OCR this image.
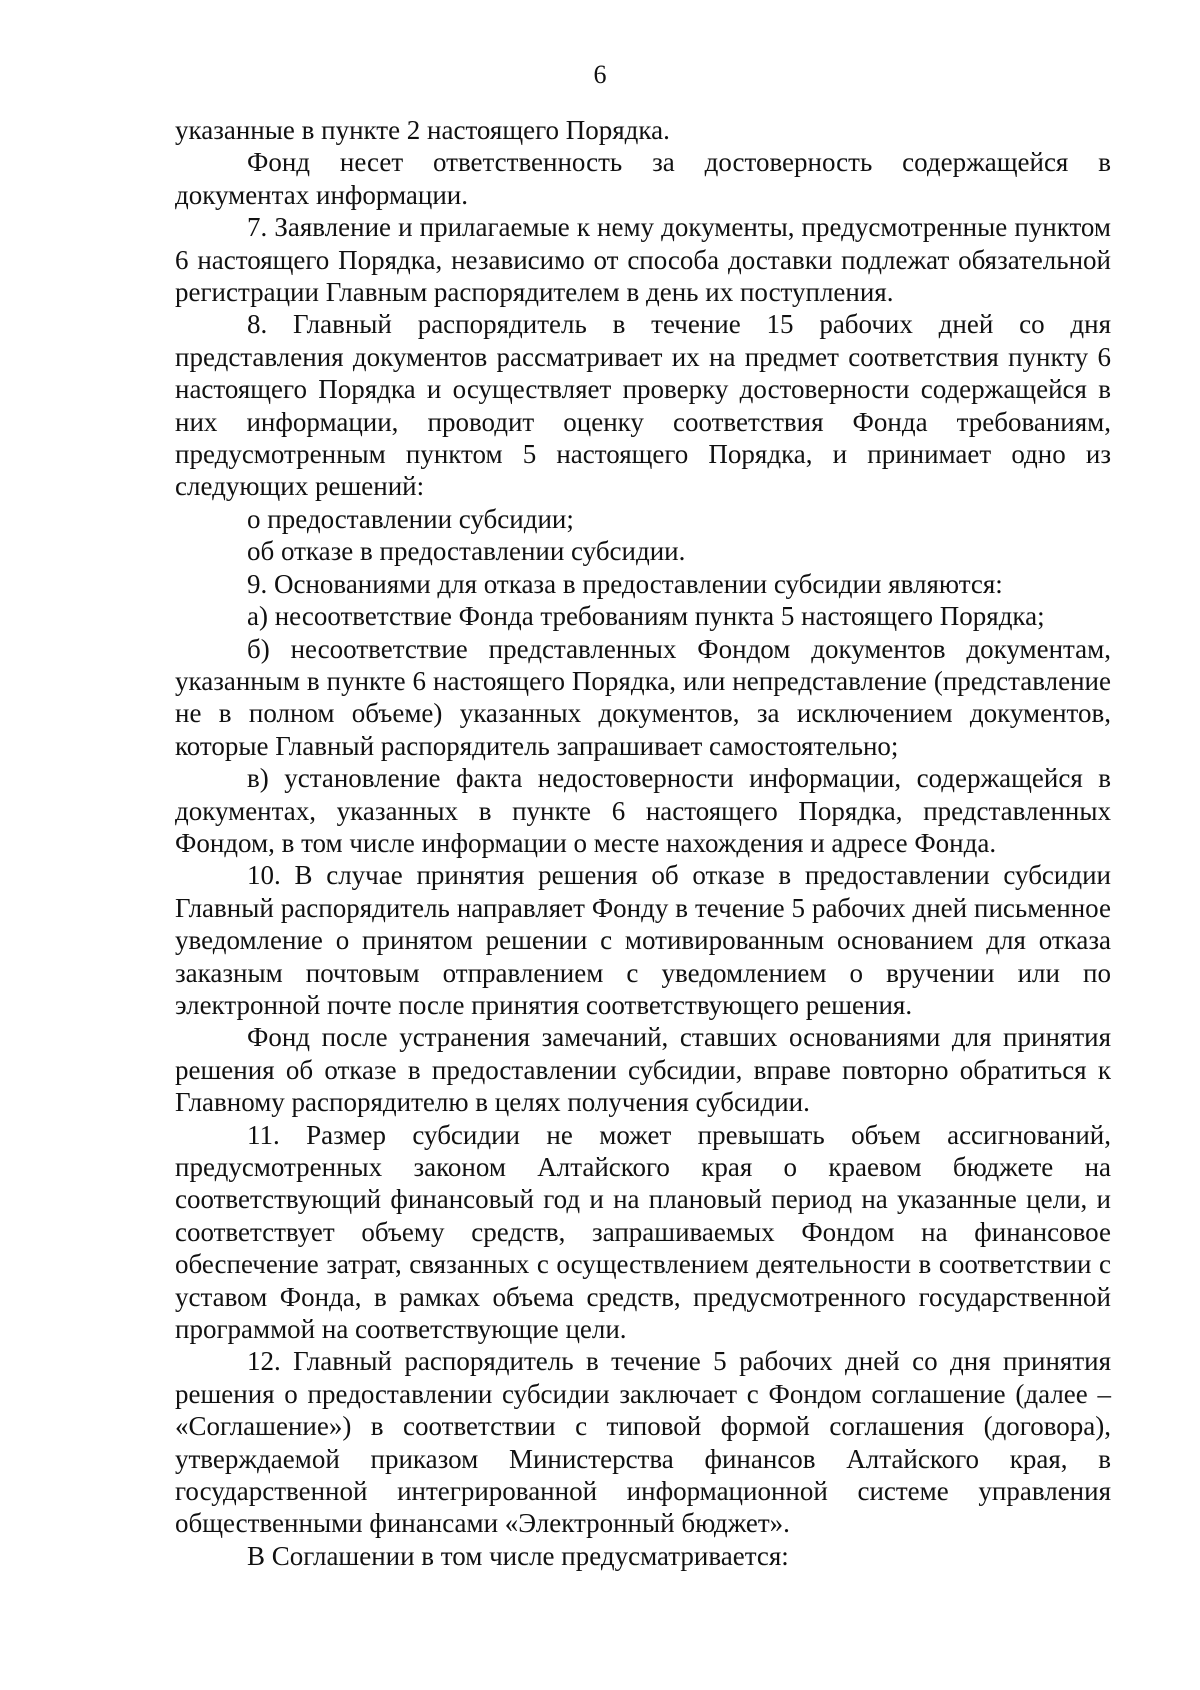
6

указанные в пункте 2 настоящего Порядка.

Фонд несет ответственность за достоверность содержащейся в документах информации.

7. Заявление и прилагаемые к нему документы, предусмотренные пунктом 6 настоящего Порядка, независимо от способа доставки подлежат обязательной регистрации Главным распорядителем в день их поступления.

8. Главный распорядитель в течение 15 рабочих дней со дня представления документов рассматривает их на предмет соответствия пункту 6 настоящего Порядка и осуществляет проверку достоверности содержащейся в них информации, проводит оценку соответствия Фонда требованиям, предусмотренным пунктом 5 настоящего Порядка, и принимает одно из следующих решений:

о предоставлении субсидии;

об отказе в предоставлении субсидии.

9. Основаниями для отказа в предоставлении субсидии являются:

а) несоответствие Фонда требованиям пункта 5 настоящего Порядка;

б) несоответствие представленных Фондом документов документам, указанным в пункте 6 настоящего Порядка, или непредставление (представление не в полном объеме) указанных документов, за исключением документов, которые Главный распорядитель запрашивает самостоятельно;

в) установление факта недостоверности информации, содержащейся в документах, указанных в пункте 6 настоящего Порядка, представленных Фондом, в том числе информации о месте нахождения и адресе Фонда.

10. В случае принятия решения об отказе в предоставлении субсидии Главный распорядитель направляет Фонду в течение 5 рабочих дней письменное уведомление о принятом решении с мотивированным основанием для отказа заказным почтовым отправлением с уведомлением о вручении или по электронной почте после принятия соответствующего решения.

Фонд после устранения замечаний, ставших основаниями для принятия решения об отказе в предоставлении субсидии, вправе повторно обратиться к Главному распорядителю в целях получения субсидии.

11. Размер субсидии не может превышать объем ассигнований, предусмотренных законом Алтайского края о краевом бюджете на соответствующий финансовый год и на плановый период на указанные цели, и соответствует объему средств, запрашиваемых Фондом на финансовое обеспечение затрат, связанных с осуществлением деятельности в соответствии с уставом Фонда, в рамках объема средств, предусмотренного государственной программой на соответствующие цели.

12. Главный распорядитель в течение 5 рабочих дней со дня принятия решения о предоставлении субсидии заключает с Фондом соглашение (далее – «Соглашение») в соответствии с типовой формой соглашения (договора), утверждаемой приказом Министерства финансов Алтайского края, в государственной интегрированной информационной системе управления общественными финансами «Электронный бюджет».

В Соглашении в том числе предусматривается:
